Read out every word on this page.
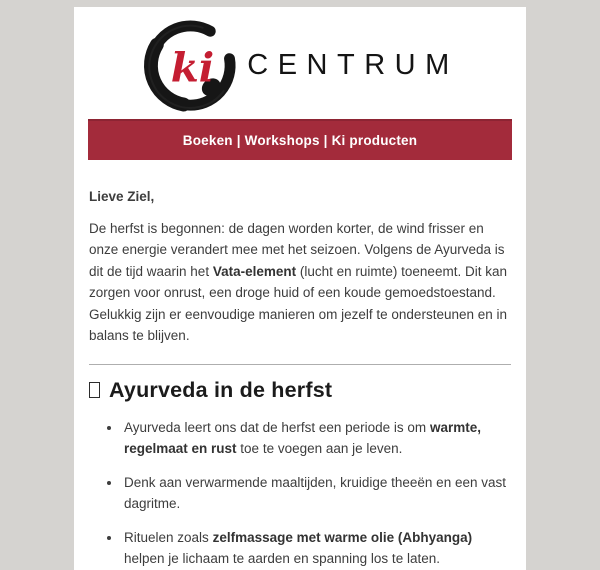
ki CENTRUM
Boeken | Workshops | Ki producten

Lieve Ziel,

De herfst is begonnen: de dagen worden korter, de wind frisser en onze energie verandert mee met het seizoen. Volgens de Ayurveda is dit de tijd waarin het Vata-element (lucht en ruimte) toeneemt. Dit kan zorgen voor onrust, een droge huid of een koude gemoedstoestand. Gelukkig zijn er eenvoudige manieren om jezelf te ondersteunen en in balans te blijven.

Ayurveda in de herfst
• Ayurveda leert ons dat de herfst een periode is om warmte, regelmaat en rust toe te voegen aan je leven.
• Denk aan verwarmende maaltijden, kruidige theeën en een vast dagritme.
• Rituelen zoals zelfmassage met warme olie (Abhyanga) helpen je lichaam te aarden en spanning los te laten.
